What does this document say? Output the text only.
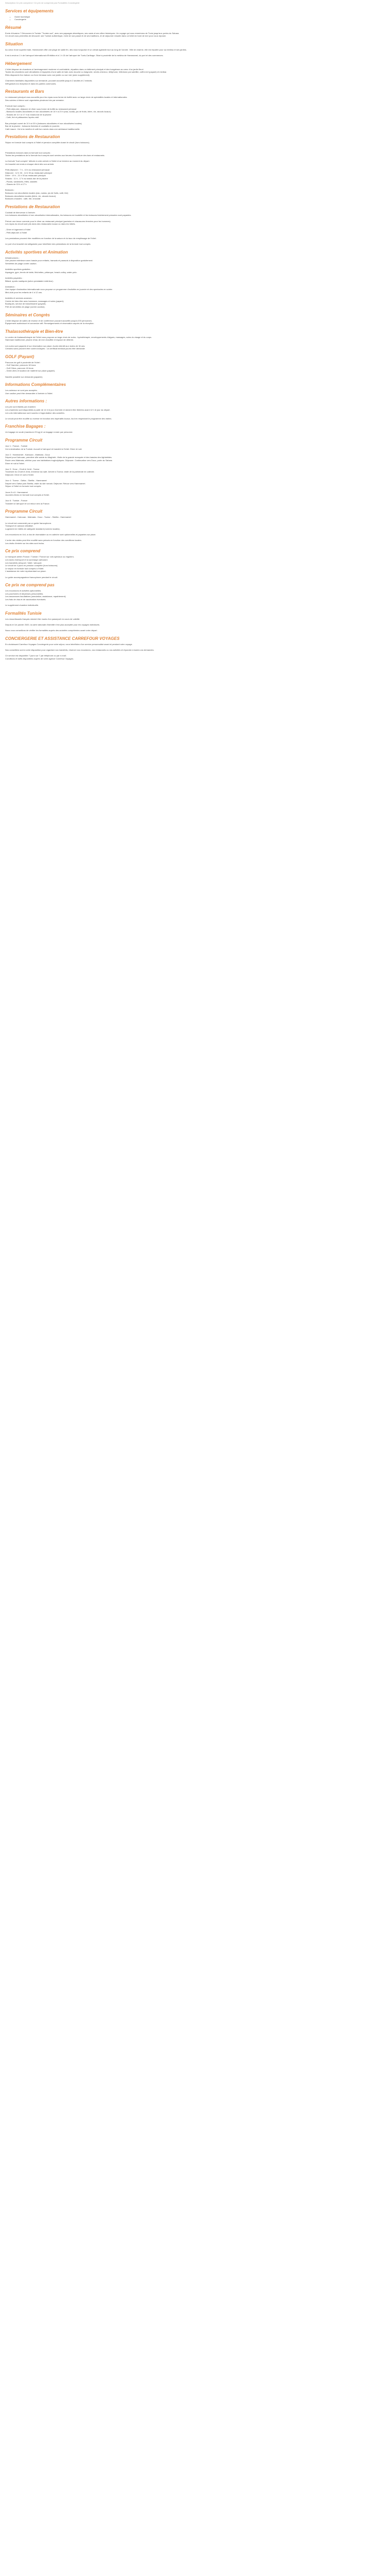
Description Ce prix comprend / Ce prix ne comprend pas Formalités Conciergerie
Services et équipements
• Guide touristique
• Conciergerie
Résumé

Envie d'évasion ? Découvrez le Tunisie "Tunisie sud", avec ses paysages désertiques, ses oasis et ses villes historiques. Un voyage qui vous emmènera de Tunis jusqu'aux portes du Sahara.

Ce circuit vous permettra de découvrir une Tunisie authentique, riche de son passé et de ses traditions, et de séjourner ensuite dans un hôtel en bord de mer pour vous reposer.

Situation

Au cœur d'une superbe baie, Hammamet offre une plage de sable fin, des eaux turquoise et un climat agréable tout au long de l'année. Ville de charme, elle est réputée pour sa médina et ses jardins.

Il est à environ 1 h de l'aéroport international d'Enfidha et à 1 h 15 de l'aéroport de Tunis-Carthage. Situé à proximité de la médina de Hammamet, du port et des commerces.

Hébergement

L'hôtel dispose de chambres à l'aménagement moderne et confortable, réparties dans un bâtiment principal et des bungalows au cœur d'un jardin fleuri.

Toutes les chambres sont climatisées et équipées d'une salle de bain avec douche ou baignoire, sèche-cheveux, téléphone, télévision par satellite, coffre-fort (payant) et minibar.

Elles disposent d'un balcon ou d'une terrasse avec vue jardin ou vue mer (avec supplément).

Chambres familiales disponibles sur demande, pouvant accueillir jusqu'à 2 adultes et 2 enfants.

Wifi gratuit à la réception et dans les parties communes.

Restaurants et Bars

Le restaurant principal vous accueille pour les repas sous forme de buffet avec un large choix de spécialités locales et internationales.

Des soirées à thème sont organisées plusieurs fois par semaine.

Formule tout compris :

- Petit-déjeuner, déjeuner et dîner sous forme de buffet au restaurant principal

- Boissons locales alcoolisées et non alcoolisées de 10 h à 23 h (eau, sodas, jus de fruits, bière, vin, alcools locaux)

- Snacks de 11 h à 17 h au snack-bar de la piscine

- Café, thé et pâtisseries l'après-midi

Bar principal ouvert de 10 h à 00 h (boissons alcoolisées et non alcoolisées locales).

Bar de la piscine : boissons fraîches et cocktails en journée.

Café maure : thé à la menthe et café turc servis dans une ambiance traditionnelle.

Prestations de Restauration

Séjour en formule tout compris à l'hôtel et pension complète durant le circuit (hors boissons).

Prestations incluses dans la formule tout compris :

Toutes les prestations de la formule tout compris sont servies aux heures d'ouverture des bars et restaurants.

La formule "tout compris" débute à votre arrivée à l'hôtel et se termine au moment du départ.

Un bracelet est remis à chaque client dès son arrivée.

Petit-déjeuner : 7 h - 10 h au restaurant principal

Déjeuner : 12 h 30 - 14 h 30 au restaurant principal

Dîner : 19 h - 21 h 30 au restaurant principal

Snacks : 11 h - 17 h au snack-bar de la piscine

- Pizzas, sandwichs, frites, salades

- Glaces de 15 h à 17 h

Boissons :

Boissons non alcoolisées locales (eau, sodas, jus de fruits, café, thé)

Boissons alcoolisées locales (bière, vin, alcools locaux)

Boissons chaudes : café, thé, chocolat

Prestations de Restauration

Cocktail de bienvenue à l'arrivée.

Les boissons alcoolisées et non alcoolisées internationales, les boissons en bouteille et les boissons fraîchement pressées sont payantes.

Prévoir une tenue correcte pour le dîner au restaurant principal (pantalon et chaussures fermées pour les hommes).

Les repas du circuit sont pris dans des restaurants locaux ou dans les hôtels.

- Dîner et logement à l'hôtel

- Petit-déjeuner à l'hôtel

Les prestations peuvent être modifiées en fonction de la saison et du taux de remplissage de l'hôtel.

Le port d'un bracelet est obligatoire pour bénéficier des prestations de la formule tout compris.

Activités sportives et Animation

Infrastructures :

Une piscine extérieure avec bassin pour enfants, transats et parasols à disposition gratuitement.

Serviettes de plage contre caution.

Activités sportives gratuites :

Aquagym, gym, tennis de table, fléchettes, pétanque, beach-volley, water-polo.

Activités payantes :

Billard, sports nautiques (selon prestataire extérieur).

Animation :

Une équipe d'animation internationale vous propose un programme d'activités en journée et des spectacles en soirée.

Mini-club pour les enfants de 4 à 12 ans.

Activités et services annexes :

Centre de bien-être avec hammam, massages et soins (payant).

Boutiques, service de blanchisserie (payant).

Prêt de serviettes de plage (contre caution).

Séminaires et Congrès

L'hôtel dispose de salles de réunion et de conférence pouvant accueillir jusqu'à 200 personnes.

Équipement audiovisuel et connexion wifi. Renseignements et réservation auprès de la réception.

Thalassothérapie et Bien-être

Le centre de thalassothérapie de l'hôtel vous propose un large choix de soins : hydrothérapie, enveloppements d'algues, massages, soins du visage et du corps.

Hammam traditionnel, piscine d'eau de mer chauffée et espace de détente.

Les soins sont payants et sur réservation sur place. Accès interdit aux moins de 16 ans.

Certains soins peuvent être contre-indiqués : un certificat médical pourra être demandé.

GOLF (Payant)

Parcours de golf à proximité de l'hôtel :

- Golf Yasmine, parcours 18 trous

- Golf Citrus, parcours 18 trous

- Green-fees et location de matériel sur place (payant).

Navette possible sur demande (payante).

Informations Complémentaires

Les animaux ne sont pas acceptés.

Une caution peut être demandée à l'arrivée à l'hôtel.

Autres informations :

Les prix sont établis par chambre.

Les chambres sont disponibles à partir de 14 h le jour d'arrivée et doivent être libérées avant 12 h le jour du départ.

Les vols internationaux sont soumis à l'approbation des autorités.

Le circuit peut être modifié ou inversé en fonction des impératifs locaux, tout en respectant le programme des visites.

Franchise Bagages :

Un bagage en soute (maximum 23 kg) et un bagage à main par personne.

Programme Circuit

Jour 1 : France - Tunisie

Vol à destination de la Tunisie. Accueil à l'aéroport et transfert à l'hôtel. Dîner et nuit.

Jour 2 : Hammamet - Kairouan - Matmata - Douz

Départ pour Kairouan, première ville sainte du Maghreb. Visite de la grande mosquée et des bassins des Aghlabides.

Route vers Matmata, célèbre pour ses habitations troglodytiques. Déjeuner. Continuation vers Douz, porte du Sahara.

Dîner et nuit à l'hôtel.

Jour 3 : Douz - Chott el Jerid - Tozeur

Traversée du Chott el Jerid, immense lac salé. Arrivée à Tozeur, visite de la palmeraie en calèche.

Déjeuner. Dîner et nuit à l'hôtel.

Jour 4 : Tozeur - Gafsa - Sbeitla - Hammamet

Départ vers Gafsa puis Sbeitla, visite du site romain. Déjeuner. Retour vers Hammamet.

Séjour à l'hôtel en formule tout compris.

Jours 5 à 8 : Hammamet

Journées libres en formule tout compris à l'hôtel.

Jour 8 : Tunisie - France

Transfert à l'aéroport et vol retour vers la France.

Programme Circuit

Hammamet - Kairouan - Matmata - Douz - Tozeur - Sbeitla - Hammamet

Le circuit est commenté par un guide francophone.

Transport en autocar climatisé.

Logement en hôtels de catégorie standard (normes locales).

Les excursions en 4x4, à dos de dromadaire ou en calèche sont optionnelles et payantes sur place.

L'ordre des visites peut être modifié sans préavis en fonction des conditions locales.

Les droits d'entrée sur les sites sont inclus.

Ce prix comprend

Le transport aérien France / Tunisie / France sur vols spéciaux ou réguliers.

Les taxes d'aéroport et la surcharge carburant.

Les transferts aéroport / hôtel / aéroport.

Le circuit de 4 jours en pension complète (hors boissons).

Le séjour en formule tout compris à l'hôtel.

L'assistance de notre représentant sur place.

Le guide accompagnateur francophone pendant le circuit.

Ce prix ne comprend pas

Les excursions et activités optionnelles.

Les pourboires et dépenses personnelles.

Les assurances facultatives (annulation, assistance, rapatriement).

Les frais de visa et de vaccination éventuels.

Le supplément chambre individuelle.

Formalités Tunisie

Les ressortissants français doivent être munis d'un passeport en cours de validité.

Depuis le 1er janvier 2020, la carte nationale d'identité n'est plus acceptée pour les voyages individuels.

Nous vous conseillons de vérifier les formalités auprès des autorités compétentes avant votre départ.

CONCIERGERIE ET ASSISTANCE CARREFOUR VOYAGES

En choisissant Carrefour Voyages Conciergerie pour votre séjour, vous bénéficiez d'un service personnalisé avant et pendant votre voyage.

Nos conseillers sont à votre disposition pour organiser vos transferts, réserver vos excursions, vos restaurants ou vos activités et répondre à toutes vos demandes.

Ce service est disponible 7 jours sur 7 par téléphone ou par e-mail.

Conditions et tarifs disponibles auprès de votre agence Carrefour Voyages.
